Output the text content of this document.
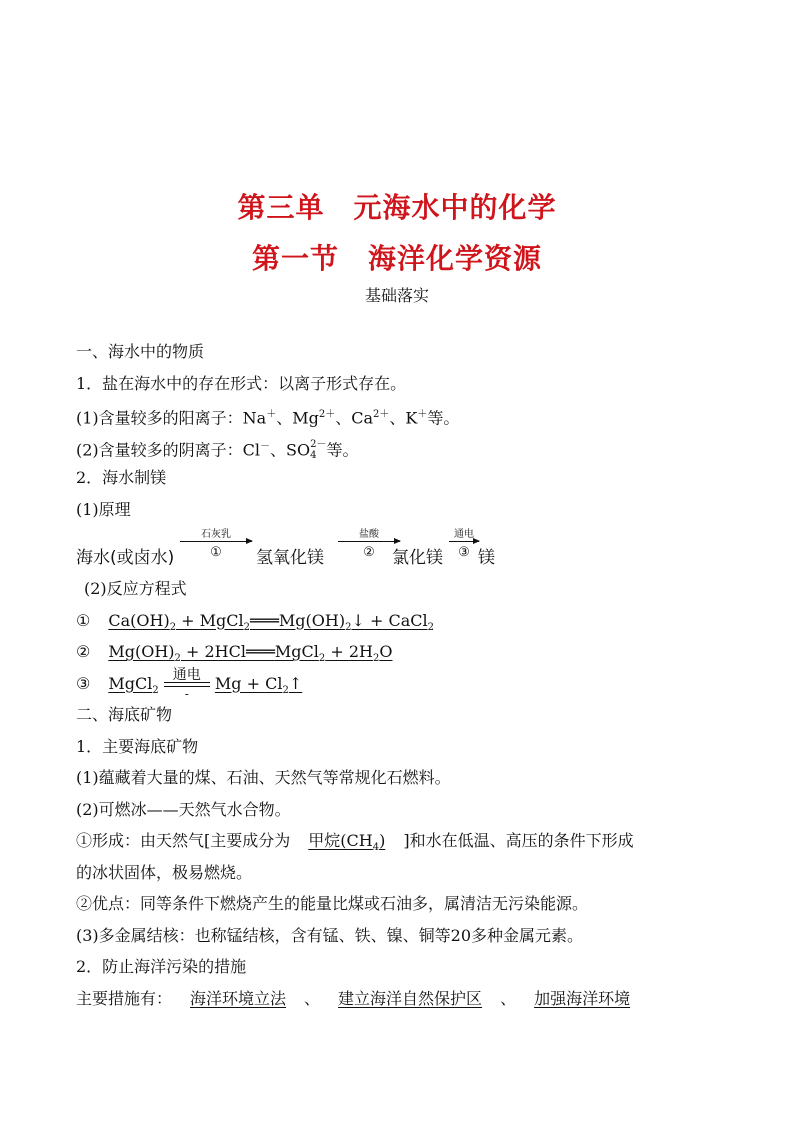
第三单　元海水中的化学
第一节　海洋化学资源
基础落实
一、海水中的物质
1．盐在海水中的存在形式：以离子形式存在。
(1)含量较多的阳离子：Na＋、$Mg^{2+}$、$Ca^{2+}$、K＋等。
(2)含量较多的阴离子：Cl－、SO 2－
4 等。
2．海水制镁
(1)原理
海水(或卤水)
石灰乳
①	氢氧化镁
盐酸
②	氯化镁
通电
③ 镁
(2)反应方程式
① $Ca(OH)_2$ + $MgCl_2═══Mg(OH)_2↓$ + CaCl$_2$
② $Mg(OH)_2$ + 2HCl═══MgCl$_2$ + $2H_2O$
③ MgCl$_2$
通电
-
$Mg + Cl_2↑$
二、海底矿物
1．主要海底矿物
(1)蕴藏着大量的煤、石油、天然气等常规化石燃料。
(2)可燃冰——天然气水合物。
①形成：由天然气[主要成分为 甲烷$(CH_4)$ ]和水在低温、高压的条件下形成
的冰状固体，极易燃烧。
②优点：同等条件下燃烧产生的能量比煤或石油多，属清洁无污染能源。
(3)多金属结核：也称锰结核，含有锰、铁、镍、铜等20多种金属元素。
2．防止海洋污染的措施
主要措施有： 海洋环境立法 、 建立海洋自然保护区 、 加强海洋环境
